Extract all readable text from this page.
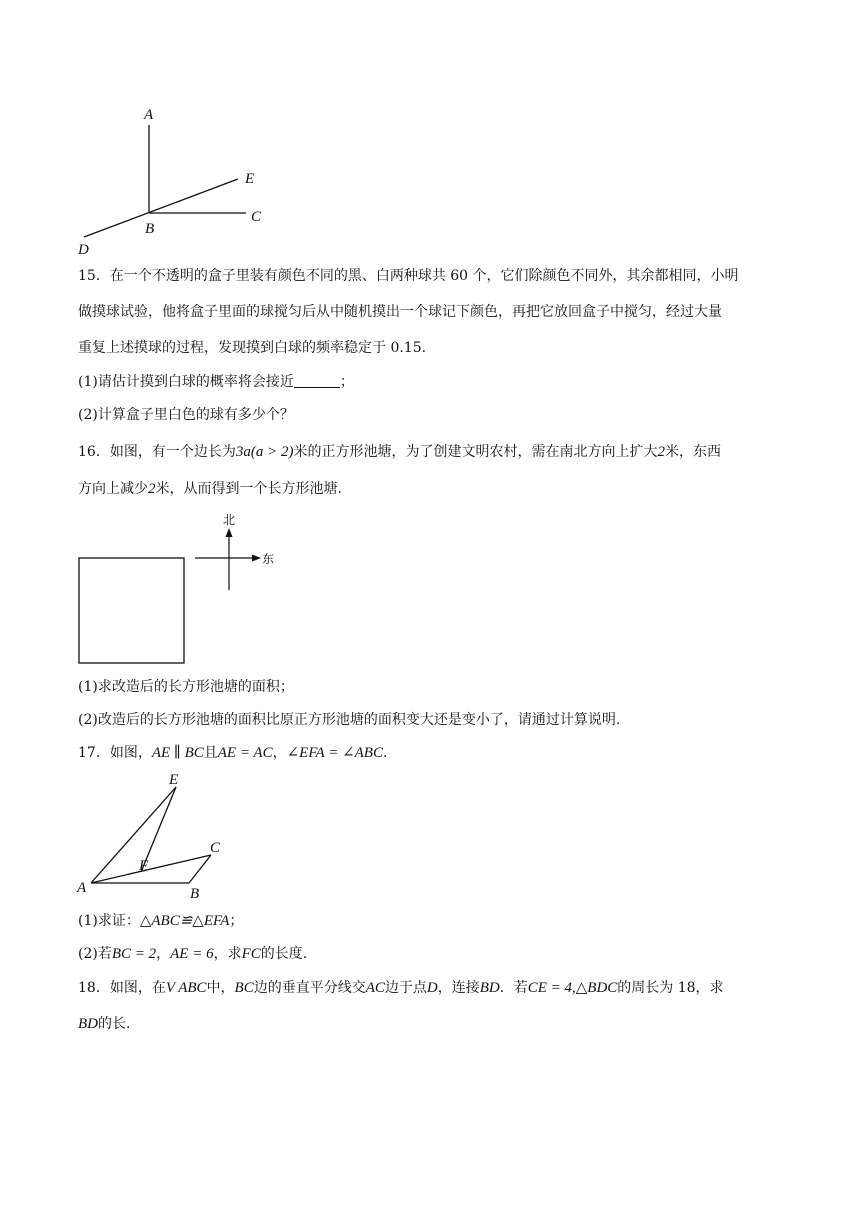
A
E
C
B
D
15．在一个不透明的盒子里装有颜色不同的黑、白两种球共 60 个，它们除颜色不同外，其余都相同，小明
做摸球试验，他将盒子里面的球搅匀后从中随机摸出一个球记下颜色，再把它放回盒子中搅匀，经过大量
重复上述摸球的过程，发现摸到白球的频率稳定于 0.15.
(1)请估计摸到白球的概率将会接近	；
(2)计算盒子里白色的球有多少个？
16．如图，有一个边长为3a(a > 2)米的正方形池塘，为了创建文明农村，需在南北方向上扩大2米，东西
方向上减少2米，从而得到一个长方形池塘.
北
东
(1)求改造后的长方形池塘的面积；
(2)改造后的长方形池塘的面积比原正方形池塘的面积变大还是变小了，请通过计算说明.
17．如图，AE ∥ BC且AE = AC，∠EFA = ∠ABC.
E
C
F
A	B
(1)求证：△ABC≌△EFA；
(2)若BC = 2，AE = 6，求FC的长度.
18．如图，在V ABC中，BC边的垂直平分线交AC边于点D，连接BD．若CE = 4,△BDC的周长为 18，求
BD的长.
